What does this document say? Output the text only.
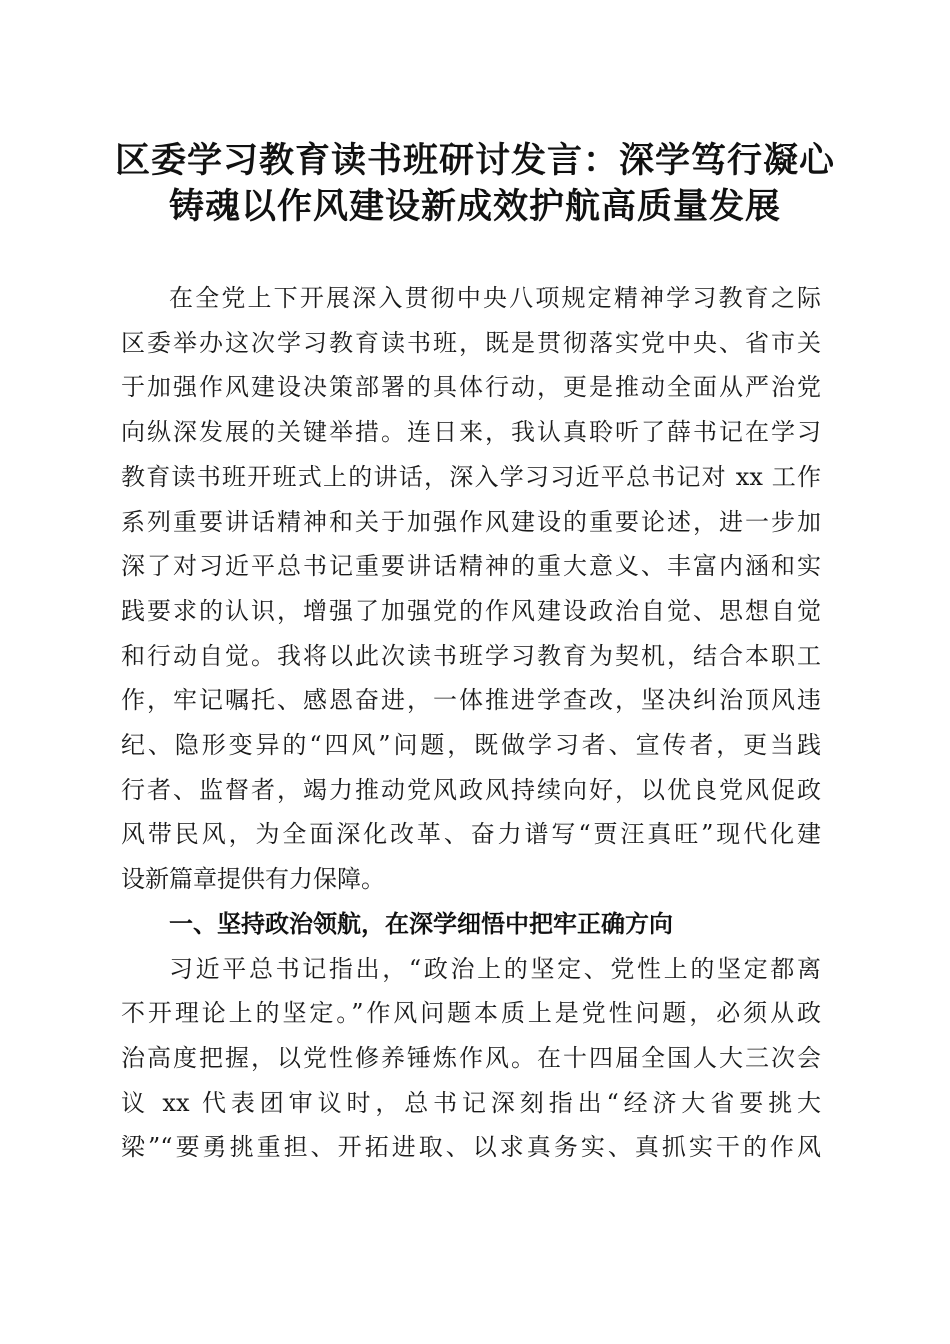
区委学习教育读书班研讨发言：深学笃行凝心
铸魂以作风建设新成效护航高质量发展

在全党上下开展深入贯彻中央八项规定精神学习教育之际
区委举办这次学习教育读书班，既是贯彻落实党中央、省市关
于加强作风建设决策部署的具体行动，更是推动全面从严治党
向纵深发展的关键举措。连日来，我认真聆听了薛书记在学习
教育读书班开班式上的讲话，深入学习习近平总书记对 xx 工作
系列重要讲话精神和关于加强作风建设的重要论述，进一步加
深了对习近平总书记重要讲话精神的重大意义、丰富内涵和实
践要求的认识，增强了加强党的作风建设政治自觉、思想自觉
和行动自觉。我将以此次读书班学习教育为契机，结合本职工
作，牢记嘱托、感恩奋进，一体推进学查改，坚决纠治顶风违
纪、隐形变异的“四风”问题，既做学习者、宣传者，更当践
行者、监督者，竭力推动党风政风持续向好，以优良党风促政
风带民风，为全面深化改革、奋力谱写“贾汪真旺”现代化建
设新篇章提供有力保障。

一、坚持政治领航，在深学细悟中把牢正确方向

习近平总书记指出，“政治上的坚定、党性上的坚定都离
不开理论上的坚定。”作风问题本质上是党性问题，必须从政
治高度把握，以党性修养锤炼作风。在十四届全国人大三次会
议 xx 代表团审议时，总书记深刻指出“经济大省要挑大
梁”“要勇挑重担、开拓进取、以求真务实、真抓实干的作风
